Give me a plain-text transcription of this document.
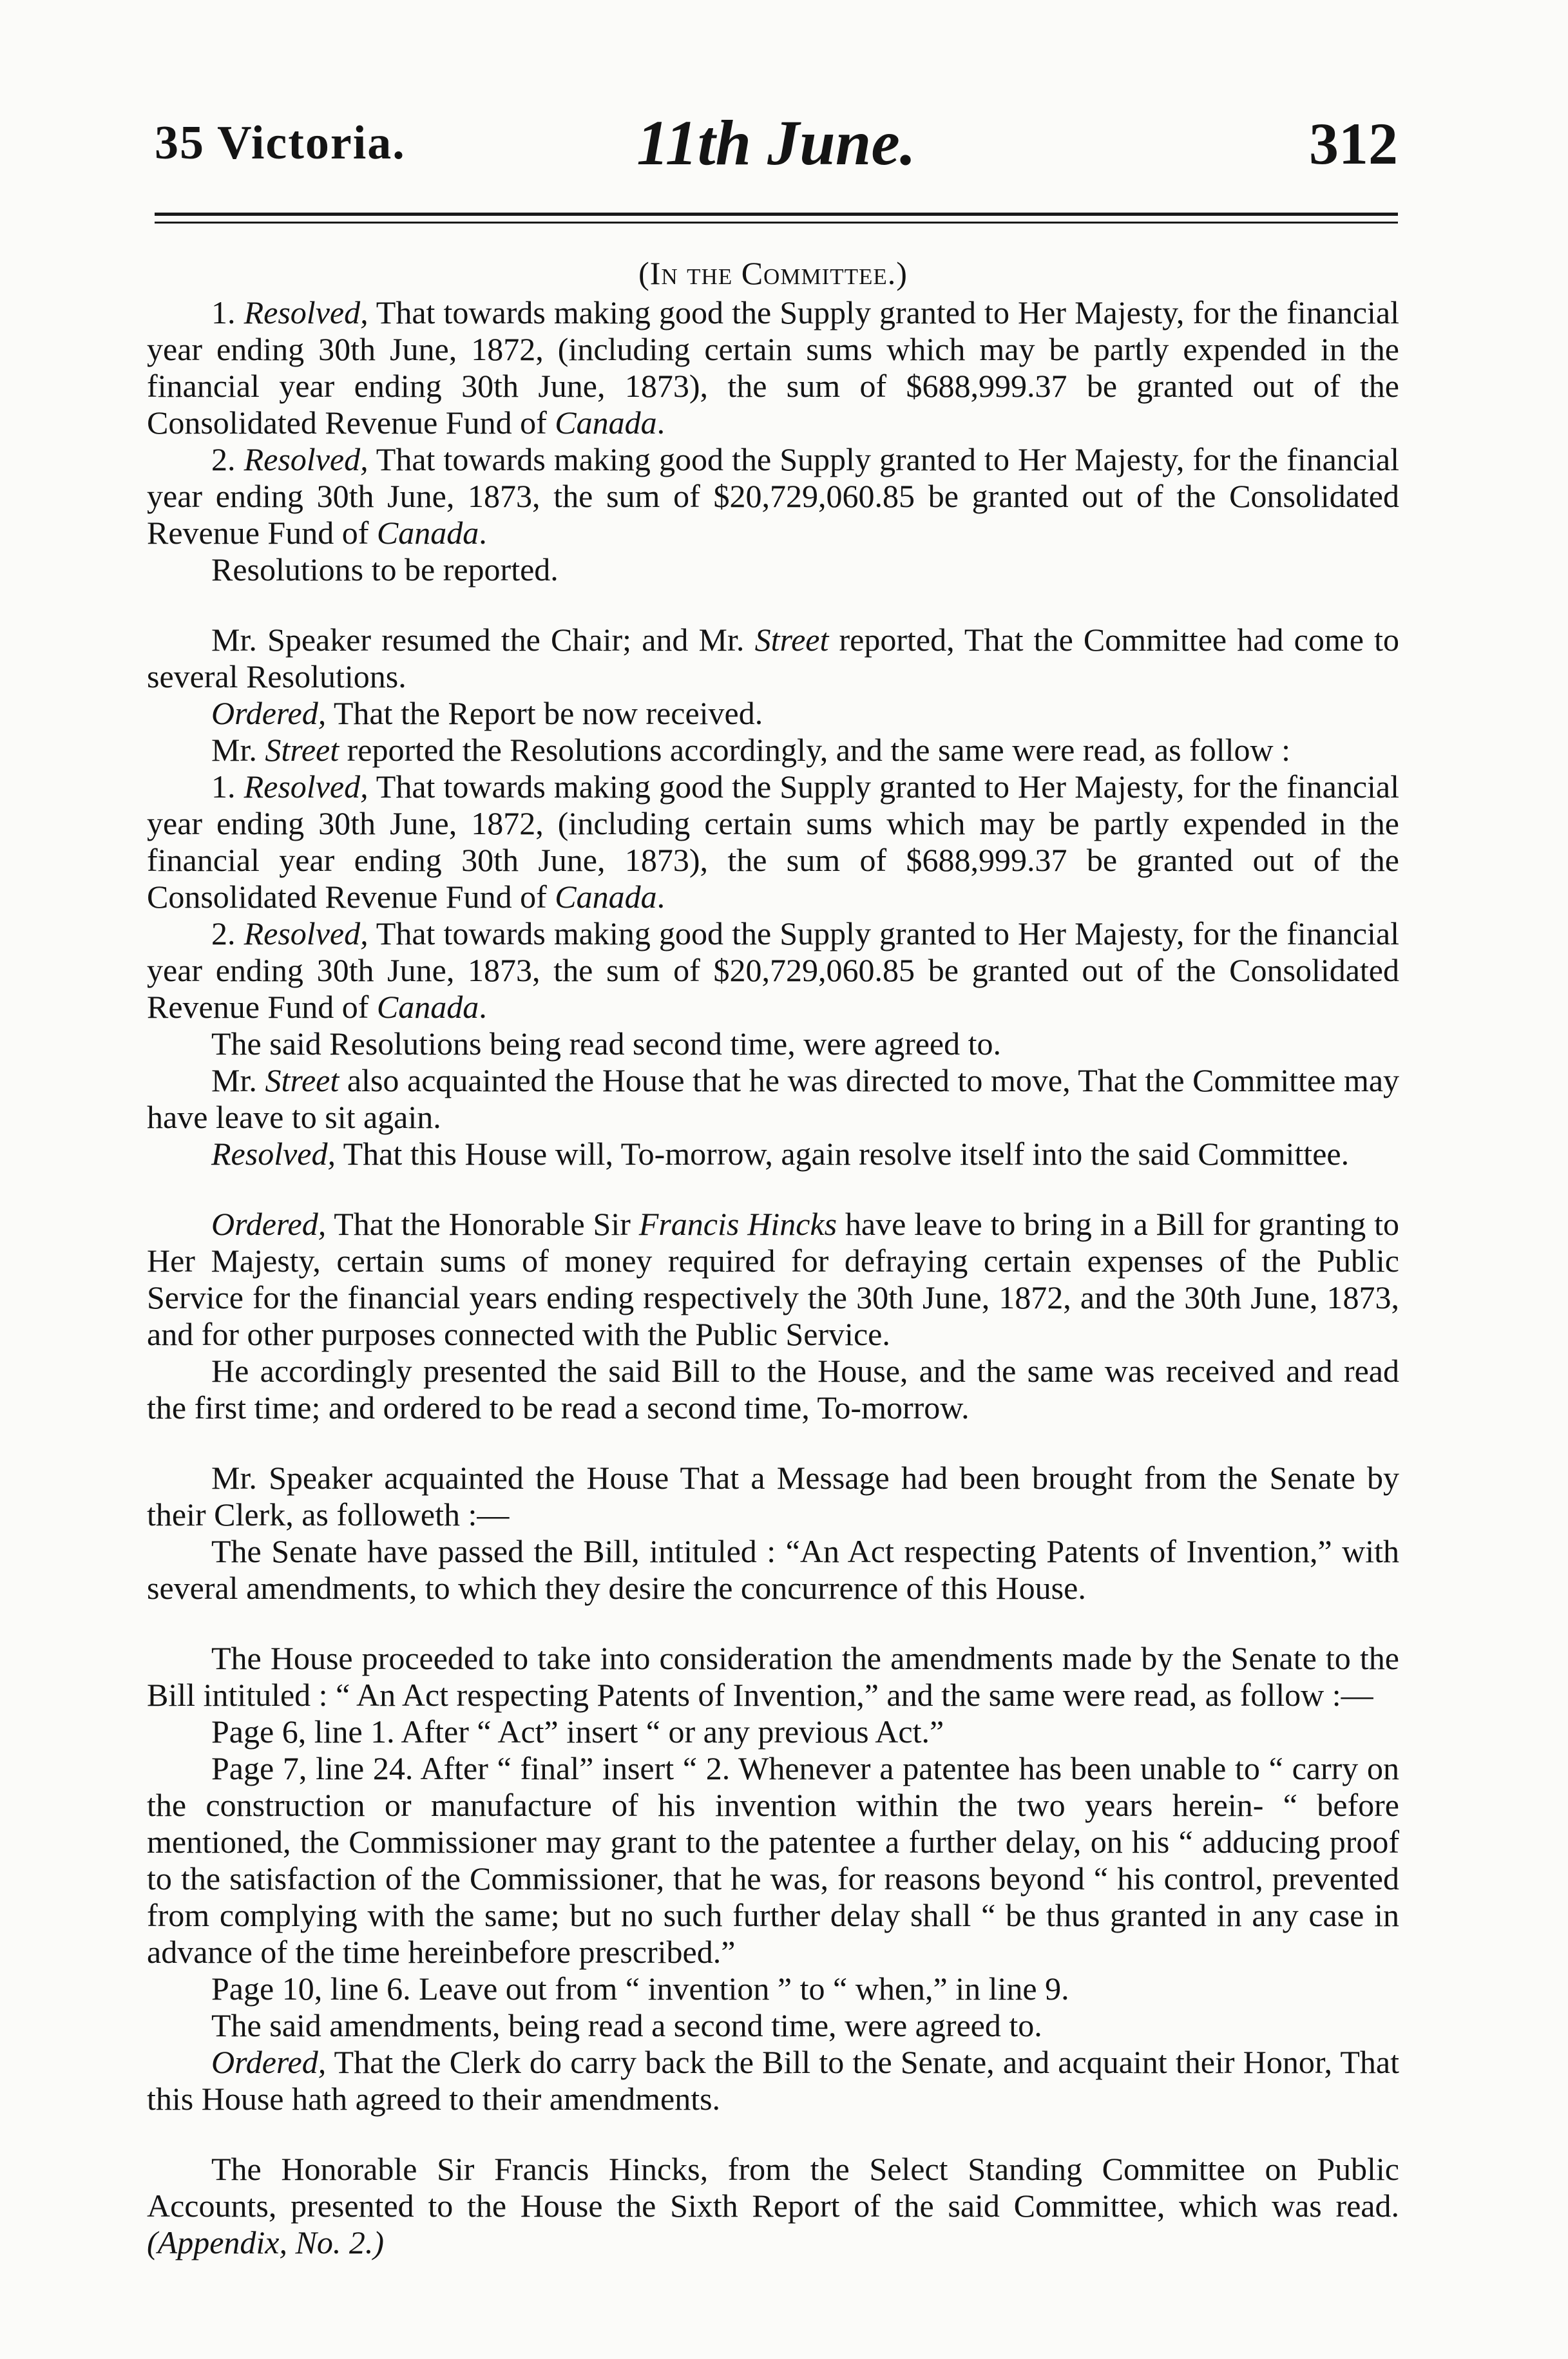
35 Victoria.	11th June.	312

(In the Committee.)

1. Resolved, That towards making good the Supply granted to Her Majesty, for the financial year ending 30th June, 1872, (including certain sums which may be partly expended in the financial year ending 30th June, 1873), the sum of $688,999.37 be granted out of the Consolidated Revenue Fund of Canada.

2. Resolved, That towards making good the Supply granted to Her Majesty, for the financial year ending 30th June, 1873, the sum of $20,729,060.85 be granted out of the Consolidated Revenue Fund of Canada.

Resolutions to be reported.

Mr. Speaker resumed the Chair; and Mr. Street reported, That the Committee had come to several Resolutions.

Ordered, That the Report be now received.

Mr. Street reported the Resolutions accordingly, and the same were read, as follow :

1. Resolved, That towards making good the Supply granted to Her Majesty, for the financial year ending 30th June, 1872, (including certain sums which may be partly expended in the financial year ending 30th June, 1873), the sum of $688,999.37 be granted out of the Consolidated Revenue Fund of Canada.

2. Resolved, That towards making good the Supply granted to Her Majesty, for the financial year ending 30th June, 1873, the sum of $20,729,060.85 be granted out of the Consolidated Revenue Fund of Canada.

The said Resolutions being read second time, were agreed to.

Mr. Street also acquainted the House that he was directed to move, That the Committee may have leave to sit again.

Resolved, That this House will, To-morrow, again resolve itself into the said Committee.

Ordered, That the Honorable Sir Francis Hincks have leave to bring in a Bill for granting to Her Majesty, certain sums of money required for defraying certain expenses of the Public Service for the financial years ending respectively the 30th June, 1872, and the 30th June, 1873, and for other purposes connected with the Public Service.

He accordingly presented the said Bill to the House, and the same was received and read the first time; and ordered to be read a second time, To-morrow.

Mr. Speaker acquainted the House That a Message had been brought from the Senate by their Clerk, as followeth :—

The Senate have passed the Bill, intituled : “An Act respecting Patents of Invention,” with several amendments, to which they desire the concurrence of this House.

The House proceeded to take into consideration the amendments made by the Senate to the Bill intituled : “ An Act respecting Patents of Invention,” and the same were read, as follow :—

Page 6, line 1. After “ Act” insert “ or any previous Act.”

Page 7, line 24. After “ final” insert “ 2. Whenever a patentee has been unable to “ carry on the construction or manufacture of his invention within the two years herein- “ before mentioned, the Commissioner may grant to the patentee a further delay, on his “ adducing proof to the satisfaction of the Commissioner, that he was, for reasons beyond “ his control, prevented from complying with the same; but no such further delay shall “ be thus granted in any case in advance of the time hereinbefore prescribed.”

Page 10, line 6. Leave out from “ invention ” to “ when,” in line 9.

The said amendments, being read a second time, were agreed to.

Ordered, That the Clerk do carry back the Bill to the Senate, and acquaint their Honor, That this House hath agreed to their amendments.

The Honorable Sir Francis Hincks, from the Select Standing Committee on Public Accounts, presented to the House the Sixth Report of the said Committee, which was read. (Appendix, No. 2.)
